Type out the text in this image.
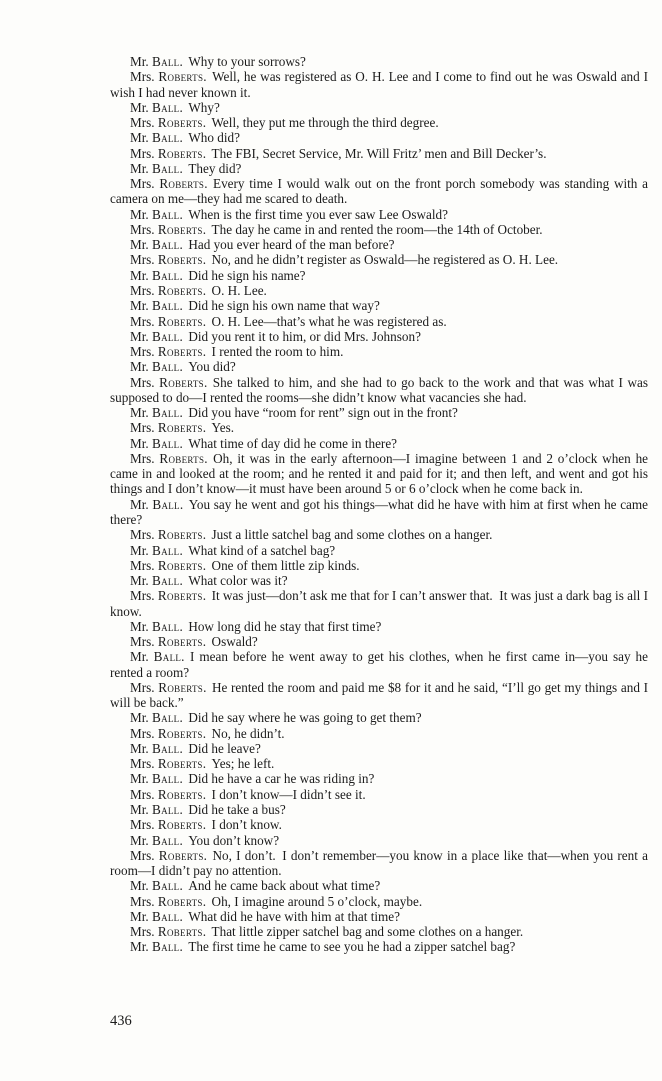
Mr. Ball. Why to your sorrows?

Mrs. Roberts. Well, he was registered as O. H. Lee and I come to find out he was Oswald and I wish I had never known it.

Mr. Ball. Why?

Mrs. Roberts. Well, they put me through the third degree.

Mr. Ball. Who did?

Mrs. Roberts. The FBI, Secret Service, Mr. Will Fritz’ men and Bill Decker’s.

Mr. Ball. They did?

Mrs. Roberts. Every time I would walk out on the front porch somebody was standing with a camera on me—they had me scared to death.

Mr. Ball. When is the first time you ever saw Lee Oswald?

Mrs. Roberts. The day he came in and rented the room—the 14th of October.

Mr. Ball. Had you ever heard of the man before?

Mrs. Roberts. No, and he didn’t register as Oswald—he registered as O. H. Lee.

Mr. Ball. Did he sign his name?

Mrs. Roberts. O. H. Lee.

Mr. Ball. Did he sign his own name that way?

Mrs. Roberts. O. H. Lee—that’s what he was registered as.

Mr. Ball. Did you rent it to him, or did Mrs. Johnson?

Mrs. Roberts. I rented the room to him.

Mr. Ball. You did?

Mrs. Roberts. She talked to him, and she had to go back to the work and that was what I was supposed to do—I rented the rooms—she didn’t know what vacancies she had.

Mr. Ball. Did you have “room for rent” sign out in the front?

Mrs. Roberts. Yes.

Mr. Ball. What time of day did he come in there?

Mrs. Roberts. Oh, it was in the early afternoon—I imagine between 1 and 2 o’clock when he came in and looked at the room; and he rented it and paid for it; and then left, and went and got his things and I don’t know—it must have been around 5 or 6 o’clock when he come back in.

Mr. Ball. You say he went and got his things—what did he have with him at first when he came there?

Mrs. Roberts. Just a little satchel bag and some clothes on a hanger.

Mr. Ball. What kind of a satchel bag?

Mrs. Roberts. One of them little zip kinds.

Mr. Ball. What color was it?

Mrs. Roberts. It was just—don’t ask me that for I can’t answer that. It was just a dark bag is all I know.

Mr. Ball. How long did he stay that first time?

Mrs. Roberts. Oswald?

Mr. Ball. I mean before he went away to get his clothes, when he first came in—you say he rented a room?

Mrs. Roberts. He rented the room and paid me $8 for it and he said, “I’ll go get my things and I will be back.”

Mr. Ball. Did he say where he was going to get them?

Mrs. Roberts. No, he didn’t.

Mr. Ball. Did he leave?

Mrs. Roberts. Yes; he left.

Mr. Ball. Did he have a car he was riding in?

Mrs. Roberts. I don’t know—I didn’t see it.

Mr. Ball. Did he take a bus?

Mrs. Roberts. I don’t know.

Mr. Ball. You don’t know?

Mrs. Roberts. No, I don’t. I don’t remember—you know in a place like that—when you rent a room—I didn’t pay no attention.

Mr. Ball. And he came back about what time?

Mrs. Roberts. Oh, I imagine around 5 o’clock, maybe.

Mr. Ball. What did he have with him at that time?

Mrs. Roberts. That little zipper satchel bag and some clothes on a hanger.

Mr. Ball. The first time he came to see you he had a zipper satchel bag?

436
